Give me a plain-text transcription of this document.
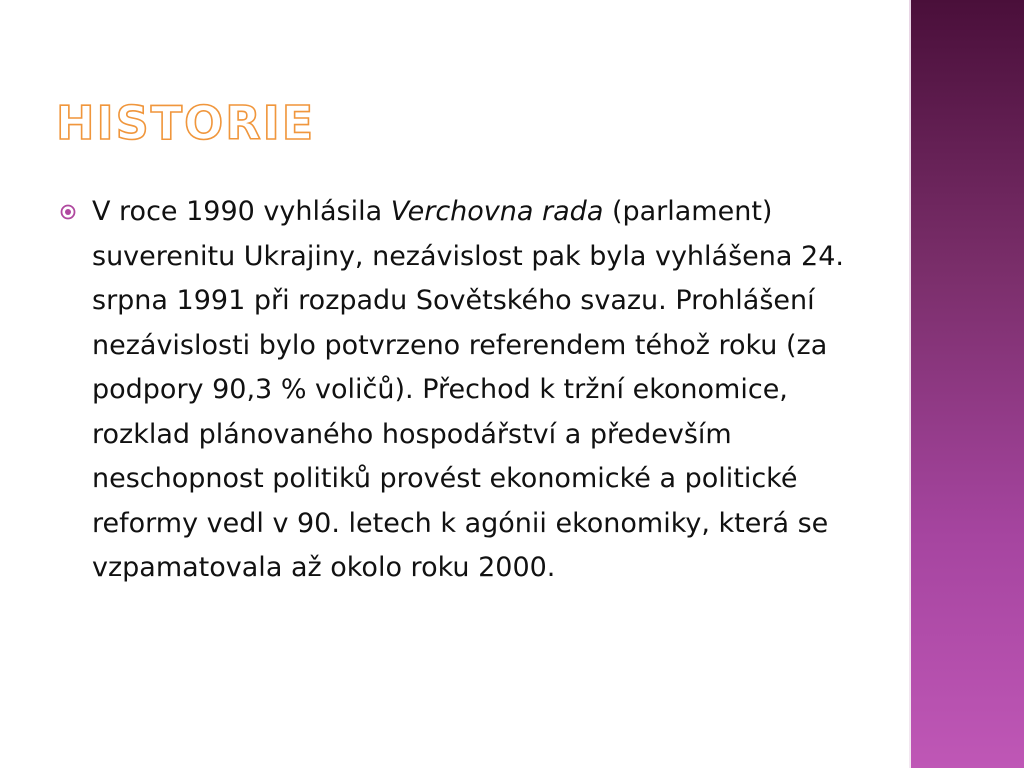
HISTORIE
V roce 1990 vyhlásila Verchovna rada (parlament) suverenitu Ukrajiny, nezávislost pak byla vyhlášena 24. srpna 1991 při rozpadu Sovětského svazu. Prohlášení nezávislosti bylo potvrzeno referendem téhož roku (za podpory 90,3 % voličů). Přechod k tržní ekonomice, rozklad plánovaného hospodářství a především neschopnost politiků provést ekonomické a politické reformy vedl v 90. letech k agónii ekonomiky, která se vzpamatovala až okolo roku 2000.
